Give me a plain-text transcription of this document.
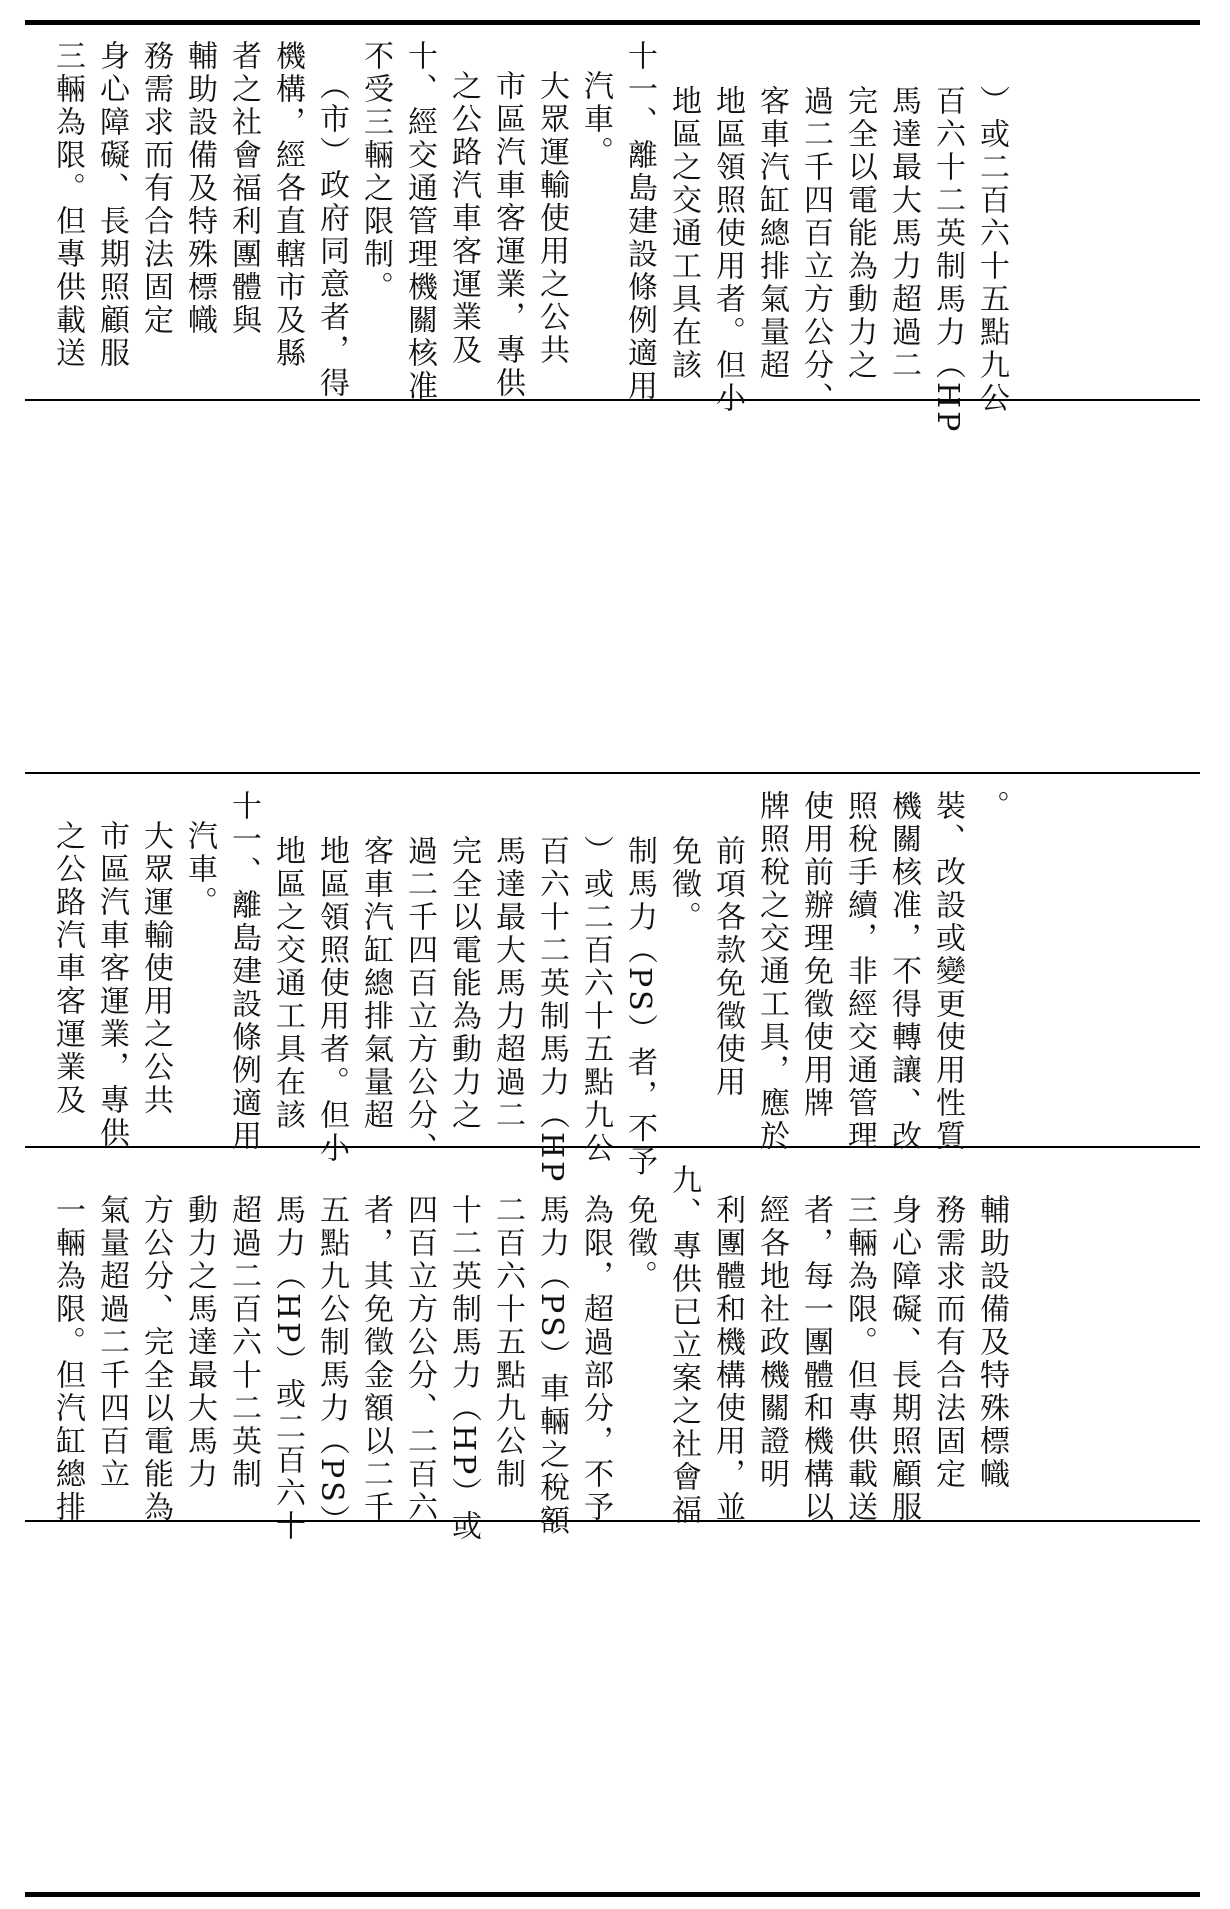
三輛為限。但專供載送 身心障礙、長期照顧服 務需求而有合法固定 輔助設備及特殊標幟 者之社會福利團體與 機構，經各直轄市及縣 （市）政府同意者，得 不受三輛之限制。 十、經交通管理機關核准 之公路汽車客運業及 市區汽車客運業，專供 大眾運輸使用之公共 汽車。 十一、離島建設條例適用 地區之交通工具在該 地區領照使用者。但小 客車汽缸總排氣量超 過二千四百立方公分、 完全以電能為動力之 馬達最大馬力超過二 百六十二英制馬力（HP ）或二百六十五點九公
之公路汽車客運業及 市區汽車客運業，專供 大眾運輸使用之公共 汽車。 十一、離島建設條例適用 地區之交通工具在該 地區領照使用者。但小 客車汽缸總排氣量超 過二千四百立方公分、 完全以電能為動力之 馬達最大馬力超過二 百六十二英制馬力（HP ）或二百六十五點九公 制馬力（PS）者，不予 免徵。 前項各款免徵使用 牌照稅之交通工具，應於 使用前辦理免徵使用牌 照稅手續，非經交通管理 機關核准，不得轉讓、改 裝、改設或變更使用性質 。
一輛為限。但汽缸總排 氣量超過二千四百立 方公分、完全以電能為 動力之馬達最大馬力 超過二百六十二英制 馬力（HP）或二百六十 五點九公制馬力（PS） 者，其免徵金額以二千 四百立方公分、二百六 十二英制馬力（HP）或 二百六十五點九公制 馬力（PS）車輛之稅額 為限，超過部分，不予 免徵。 九、專供已立案之社會福 利團體和機構使用，並 經各地社政機關證明 者，每一團體和機構以 三輛為限。但專供載送 身心障礙、長期照顧服 務需求而有合法固定 輔助設備及特殊標幟
